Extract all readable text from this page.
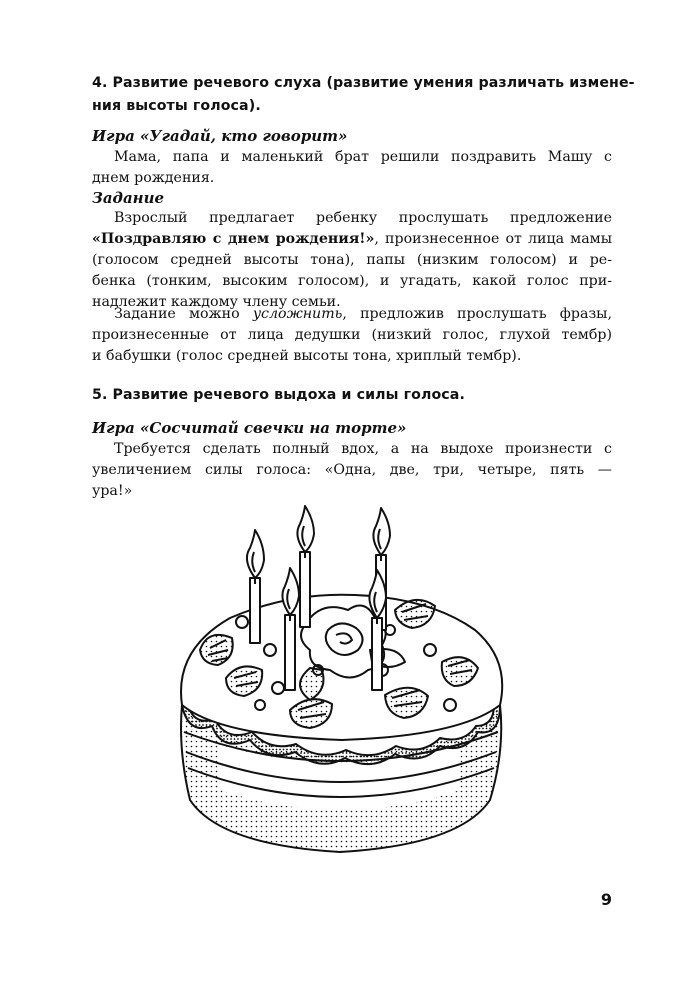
4. Развитие речевого слуха (развитие умения различать измене-
ния высоты голоса).
Игра «Угадай, кто говорит»
Мама, папа и маленький брат решили поздравить Машу с
днем рождения.
Задание
Взрослый предлагает ребенку прослушать предложение
«Поздравляю с днем рождения!», произнесенное от лица мамы
(голосом средней высоты тона), папы (низким голосом) и ре-
бенка (тонким, высоким голосом), и угадать, какой голос при-
надлежит каждому члену семьи.
Задание можно усложнить, предложив прослушать фразы,
произнесенные от лица дедушки (низкий голос, глухой тембр)
и бабушки (голос средней высоты тона, хриплый тембр).
5. Развитие речевого выдоха и силы голоса.
Игра «Сосчитай свечки на торте»
Требуется сделать полный вдох, а на выдохе произнести с
увеличением силы голоса: «Одна, две, три, четыре, пять —
ура!»
9
